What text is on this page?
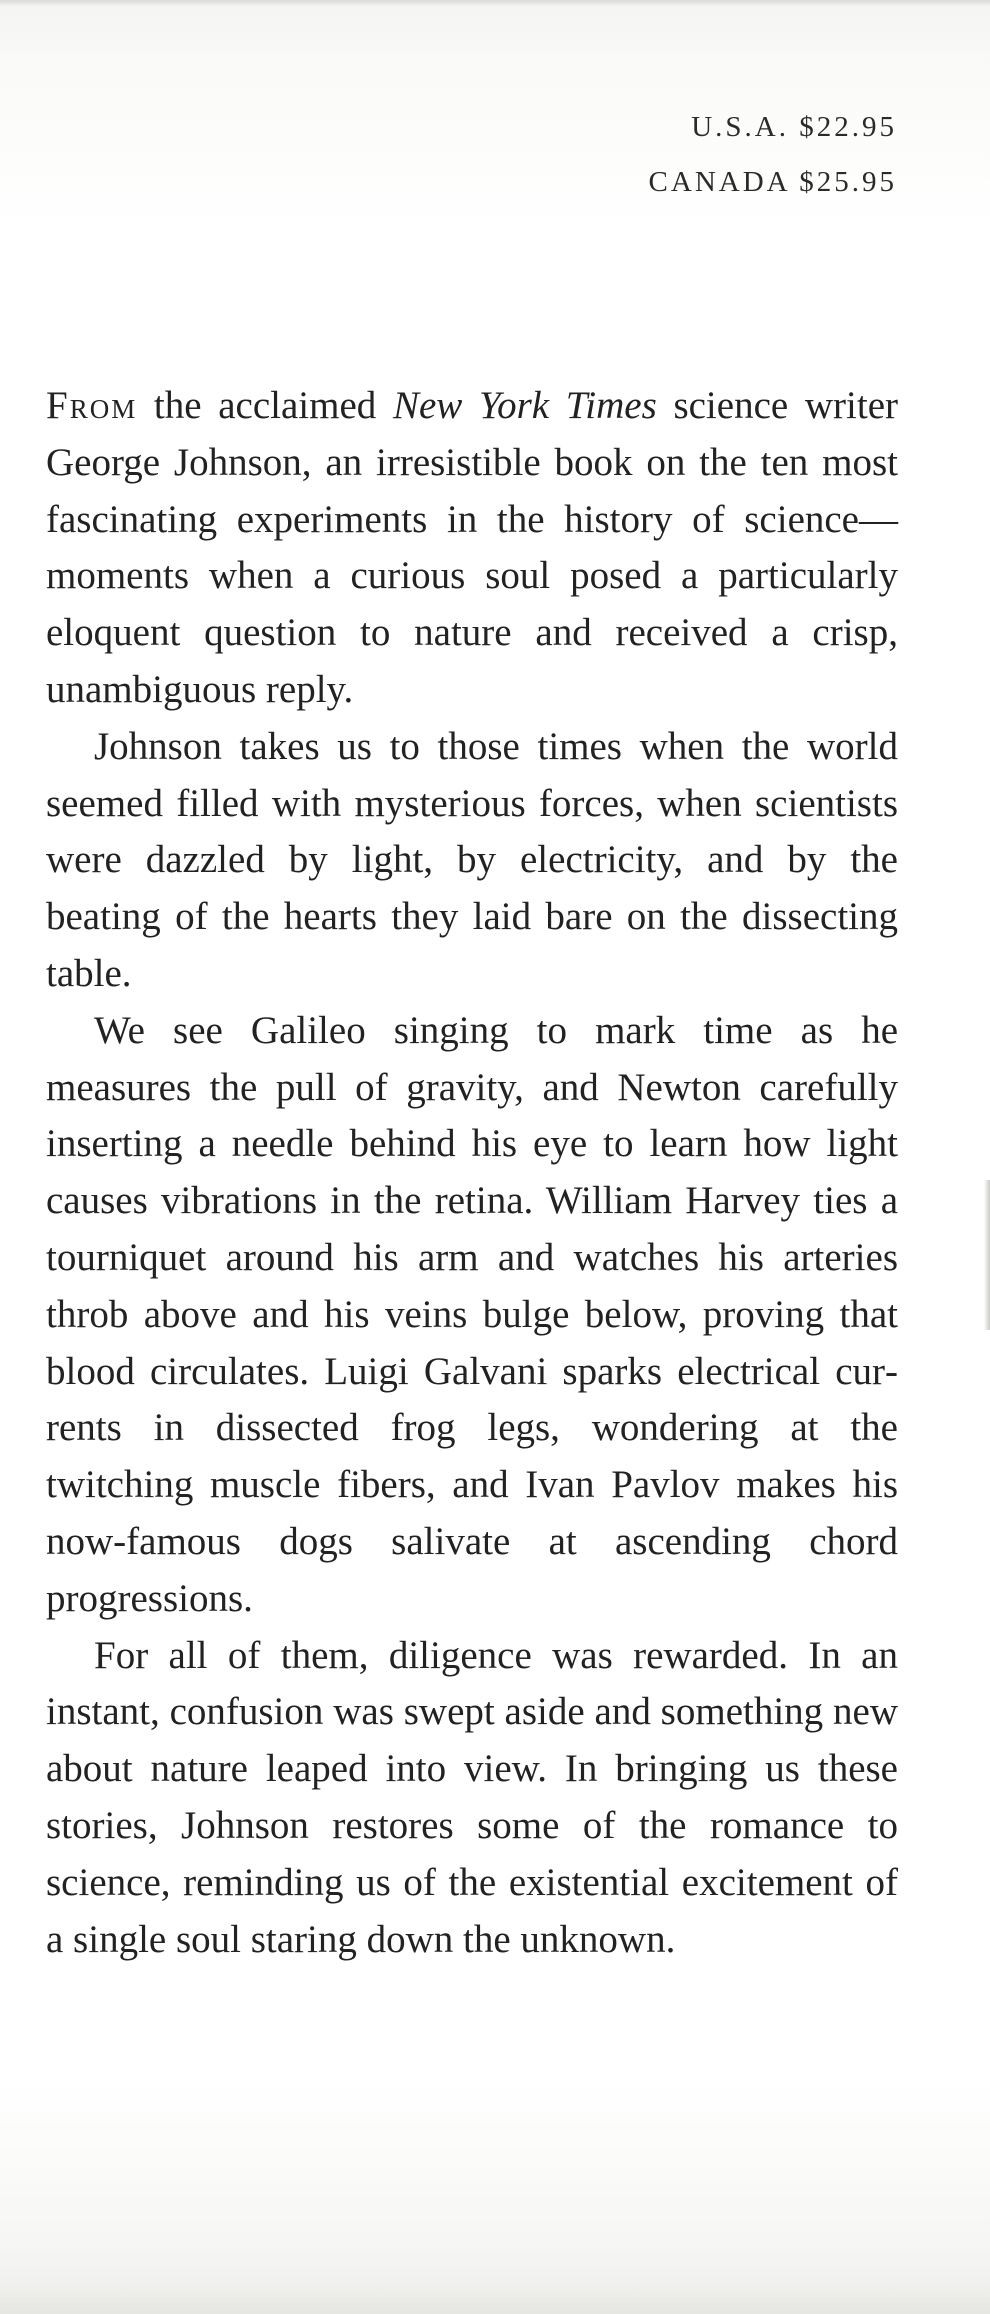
U.S.A. $22.95
CANADA $25.95

From the acclaimed New York Times science writer George Johnson, an irresistible book on the ten most fascinating experiments in the history of science—moments when a curious soul posed a particularly eloquent question to nature and received a crisp, unambiguous reply.

Johnson takes us to those times when the world seemed filled with mysterious forces, when scientists were dazzled by light, by electricity, and by the beating of the hearts they laid bare on the dissecting table.

We see Galileo singing to mark time as he measures the pull of gravity, and Newton carefully inserting a needle behind his eye to learn how light causes vibrations in the retina. William Harvey ties a tourniquet around his arm and watches his arteries throb above and his veins bulge below, proving that blood circulates. Luigi Galvani sparks electrical currents in dissected frog legs, wondering at the twitching muscle fibers, and Ivan Pavlov makes his now-famous dogs salivate at ascending chord progressions.

For all of them, diligence was rewarded. In an instant, confusion was swept aside and something new about nature leaped into view. In bringing us these stories, Johnson restores some of the romance to science, reminding us of the existential excitement of a single soul staring down the unknown.
